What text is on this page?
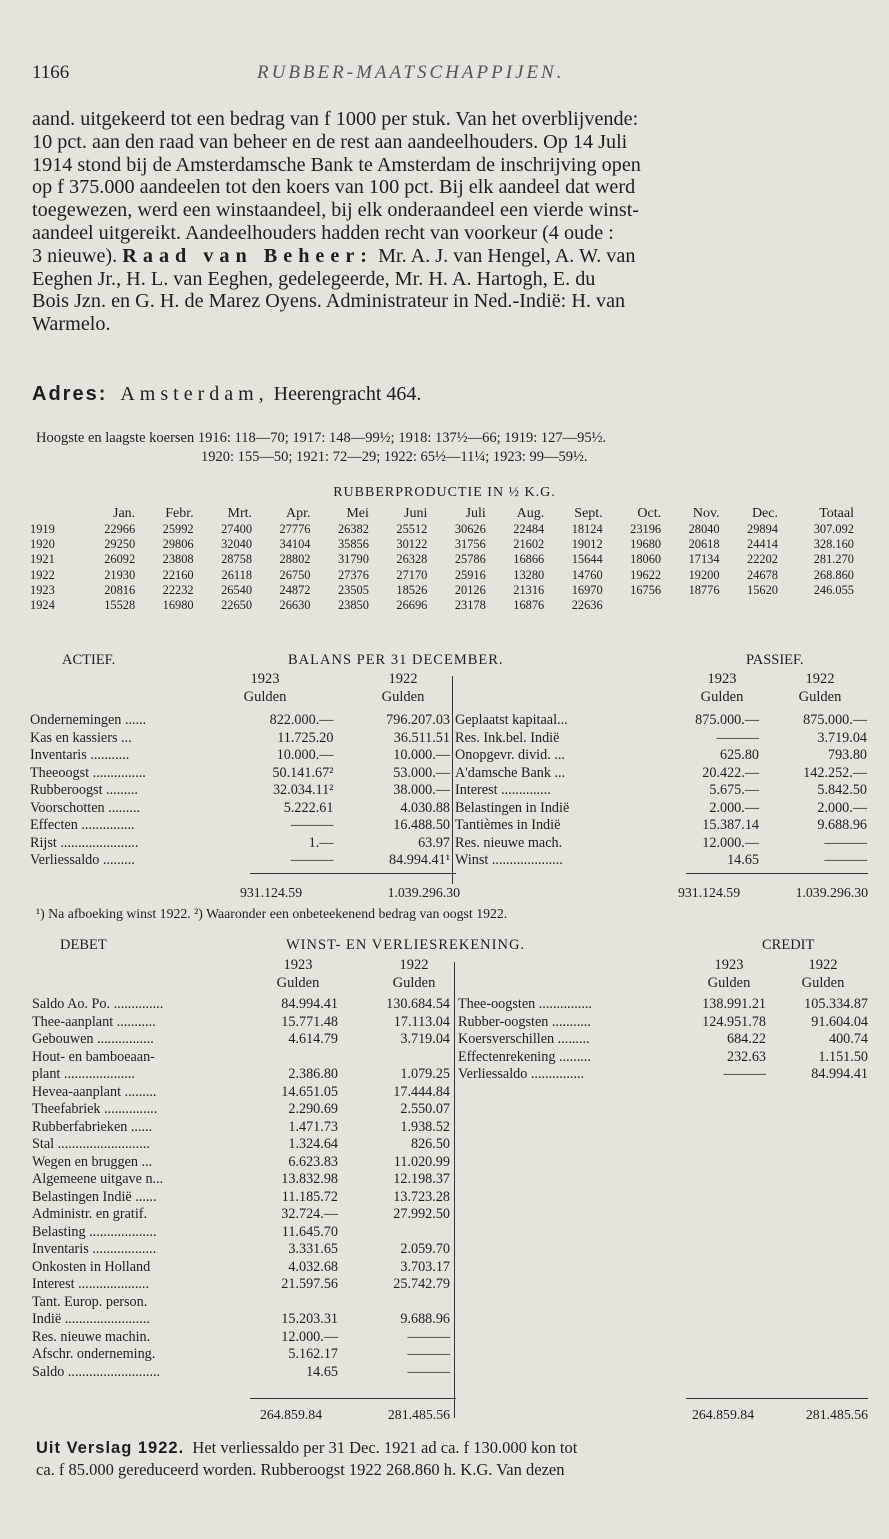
1166	RUBBER-MAATSCHAPPIJEN.

aand. uitgekeerd tot een bedrag van f 1000 per stuk. Van het overblijvende:

10 pct. aan den raad van beheer en de rest aan aandeelhouders. Op 14 Juli

1914 stond bij de Amsterdamsche Bank te Amsterdam de inschrijving open

op f 375.000 aandeelen tot den koers van 100 pct. Bij elk aandeel dat werd

toegewezen, werd een winstaandeel, bij elk onderaandeel een vierde winst-

aandeel uitgereikt. Aandeelhouders hadden recht van voorkeur (4 oude :

3 nieuwe). Raad van Beheer: Mr. A. J. van Hengel, A. W. van

Eeghen Jr., H. L. van Eeghen, gedelegeerde, Mr. H. A. Hartogh, E. du

Bois Jzn. en G. H. de Marez Oyens. Administrateur in Ned.-Indië: H. van

Warmelo.

Adres: Amsterdam, Heerengracht 464.
Hoogste en laagste koersen 1916: 118—70; 1917: 148—99½; 1918: 137½—66; 1919: 127—95½.
1920: 155—50; 1921: 72—29; 1922: 65½—11¼; 1923: 99—59½.
RUBBERPRODUCTIE IN ½ K.G.
	Jan.	Febr.	Mrt.	Apr.	Mei	Juni	Juli	Aug.	Sept.	Oct.	Nov.	Dec.	Totaal
1919	22966	25992	27400	27776	26382	25512	30626	22484	18124	23196	28040	29894	307.092
1920	29250	29806	32040	34104	35856	30122	31756	21602	19012	19680	20618	24414	328.160
1921	26092	23808	28758	28802	31790	26328	25786	16866	15644	18060	17134	22202	281.270
1922	21930	22160	26118	26750	27376	27170	25916	13280	14760	19622	19200	24678	268.860
1923	20816	22232	26540	24872	23505	18526	20126	21316	16970	16756	18776	15620	246.055
1924	15528	16980	22650	26630	23850	26696	23178	16876	22636				
ACTIEF.	BALANS PER 31 DECEMBER.	PASSIEF.
1923	1922
Gulden	Gulden
1923	1922
Gulden	Gulden
Ondernemingen ......	822.000.—	796.207.03
Kas en kassiers ...	11.725.20	36.511.51
Inventaris ...........	10.000.—	10.000.—
Theeoogst ...............	50.141.67²	53.000.—
Rubberoogst .........	32.034.11²	38.000.—
Voorschotten .........	5.222.61	4.030.88
Effecten ...............	———	16.488.50
Rijst ......................	1.—	63.97
Verliessaldo .........	———	84.994.41¹
Geplaatst kapitaal...	875.000.—	875.000.—
Res. Ink.bel. Indië	———	3.719.04
Onopgevr. divid. ...	625.80	793.80
A'damsche Bank ...	20.422.—	142.252.—
Interest ..............	5.675.—	5.842.50
Belastingen in Indië	2.000.—	2.000.—
Tantièmes in Indië	15.387.14	9.688.96
Res. nieuwe mach.	12.000.—	———
Winst ....................	14.65	———
931.124.59	1.039.296.30	931.124.59	1.039.296.30
¹) Na afboeking winst 1922. ²) Waaronder een onbeteekenend bedrag van oogst 1922.
DEBET	WINST- EN VERLIESREKENING.	CREDIT
1923	1922
Gulden	Gulden
1923	1922
Gulden	Gulden
Saldo Ao. Po. ..............	84.994.41	130.684.54
Thee-aanplant ...........	15.771.48	17.113.04
Gebouwen ................	4.614.79	3.719.04
Hout- en bamboeaan-		
plant ....................	2.386.80	1.079.25
Hevea-aanplant .........	14.651.05	17.444.84
Theefabriek ...............	2.290.69	2.550.07
Rubberfabrieken ......	1.471.73	1.938.52
Stal ..........................	1.324.64	826.50
Wegen en bruggen ...	6.623.83	11.020.99
Algemeene uitgave n...	13.832.98	12.198.37
Belastingen Indië ......	11.185.72	13.723.28
Administr. en gratif.	32.724.—	27.992.50
Belasting ...................	11.645.70	
Inventaris ..................	3.331.65	2.059.70
Onkosten in Holland	4.032.68	3.703.17
Interest ....................	21.597.56	25.742.79
Tant. Europ. person.		
Indië ........................	15.203.31	9.688.96
Res. nieuwe machin.	12.000.—	———
Afschr. onderneming.	5.162.17	———
Saldo ..........................	14.65	———
Thee-oogsten ...............	138.991.21	105.334.87
Rubber-oogsten ...........	124.951.78	91.604.04
Koersverschillen .........	684.22	400.74
Effectenrekening .........	232.63	1.151.50
Verliessaldo ...............	———	84.994.41
264.859.84	281.485.56	264.859.84	281.485.56
Uit Verslag 1922. Het verliessaldo per 31 Dec. 1921 ad ca. f 130.000 kon tot
ca. f 85.000 gereduceerd worden. Rubberoogst 1922 268.860 h. K.G. Van dezen
